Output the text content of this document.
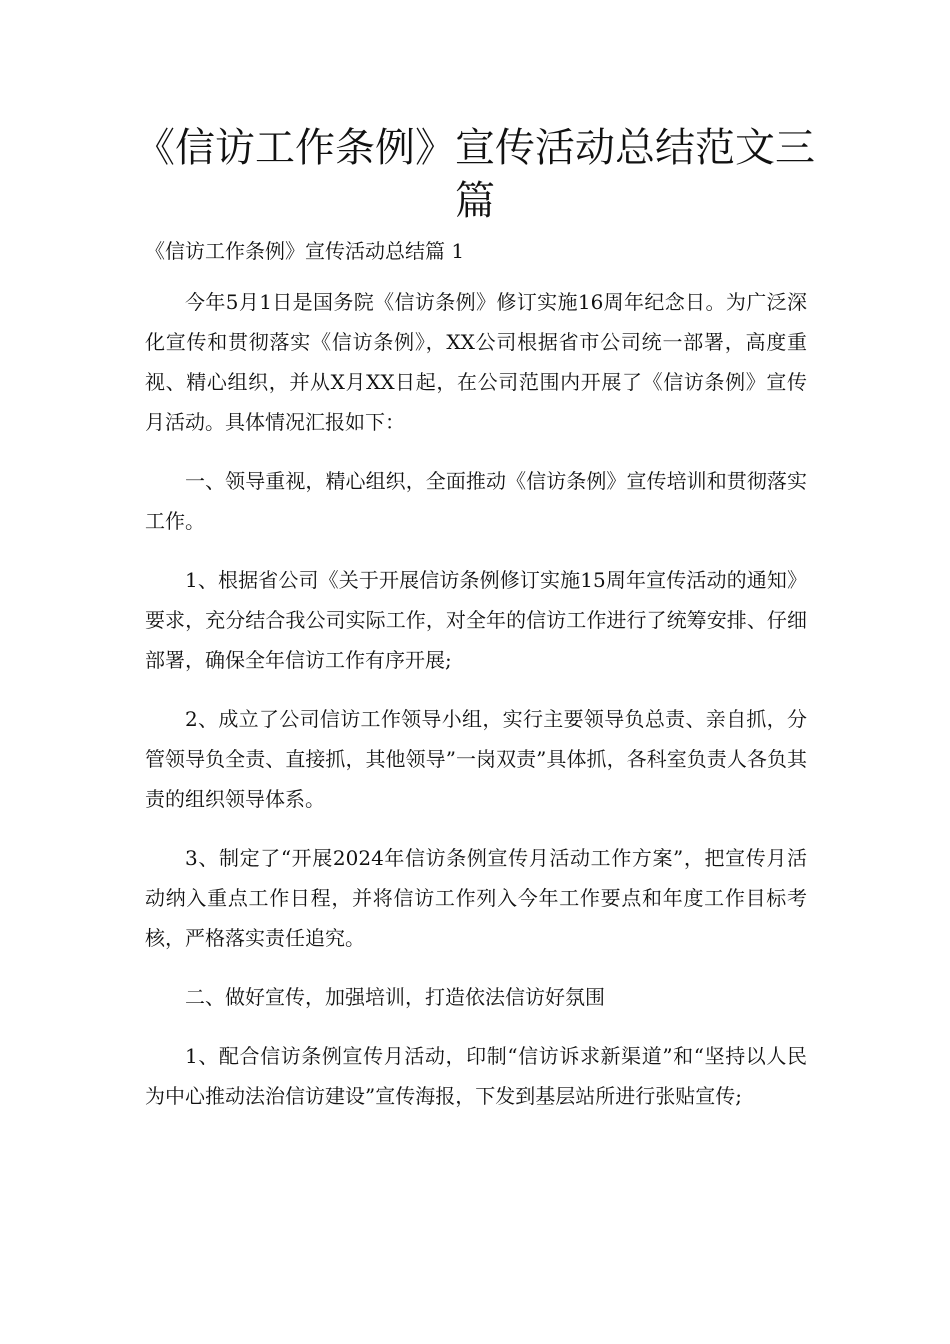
《信访工作条例》宣传活动总结范文三篇

《信访工作条例》宣传活动总结篇 1

今年5月1日是国务院《信访条例》修订实施16周年纪念日。为广泛深化宣传和贯彻落实《信访条例》，XX公司根据省市公司统一部署，高度重视、精心组织，并从X月XX日起，在公司范围内开展了《信访条例》宣传月活动。具体情况汇报如下：

一、领导重视，精心组织，全面推动《信访条例》宣传培训和贯彻落实工作。

1、根据省公司《关于开展信访条例修订实施15周年宣传活动的通知》要求，充分结合我公司实际工作，对全年的信访工作进行了统筹安排、仔细部署，确保全年信访工作有序开展;

2、成立了公司信访工作领导小组，实行主要领导负总责、亲自抓，分管领导负全责、直接抓，其他领导”一岗双责”具体抓，各科室负责人各负其责的组织领导体系。

3、制定了“开展2024年信访条例宣传月活动工作方案”，把宣传月活动纳入重点工作日程，并将信访工作列入今年工作要点和年度工作目标考核，严格落实责任追究。

二、做好宣传，加强培训，打造依法信访好氛围

1、配合信访条例宣传月活动，印制“信访诉求新渠道”和“坚持以人民为中心推动法治信访建设”宣传海报，下发到基层站所进行张贴宣传;
